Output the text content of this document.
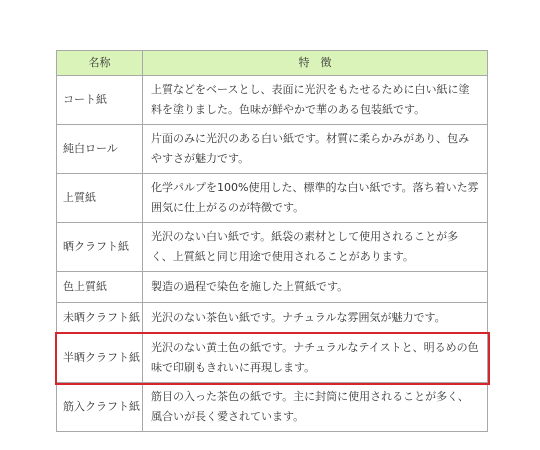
名称	特　徴
コート紙	上質などをベースとし、表面に光沢をもたせるために白い紙に塗料を塗りました。色味が鮮やかで華のある包装紙です。
純白ロール	片面のみに光沢のある白い紙です。材質に柔らかみがあり、包みやすさが魅力です。
上質紙	化学パルプを100%使用した、標準的な白い紙です。落ち着いた雰囲気に仕上がるのが特徴です。
晒クラフト紙	光沢のない白い紙です。紙袋の素材として使用されることが多く、上質紙と同じ用途で使用されることがあります。
色上質紙	製造の過程で染色を施した上質紙です。
未晒クラフト紙	光沢のない茶色い紙です。ナチュラルな雰囲気が魅力です。
半晒クラフト紙	光沢のない黄土色の紙です。ナチュラルなテイストと、明るめの色味で印刷もきれいに再現します。
筋入クラフト紙	筋目の入った茶色の紙です。主に封筒に使用されることが多く、風合いが長く愛されています。
